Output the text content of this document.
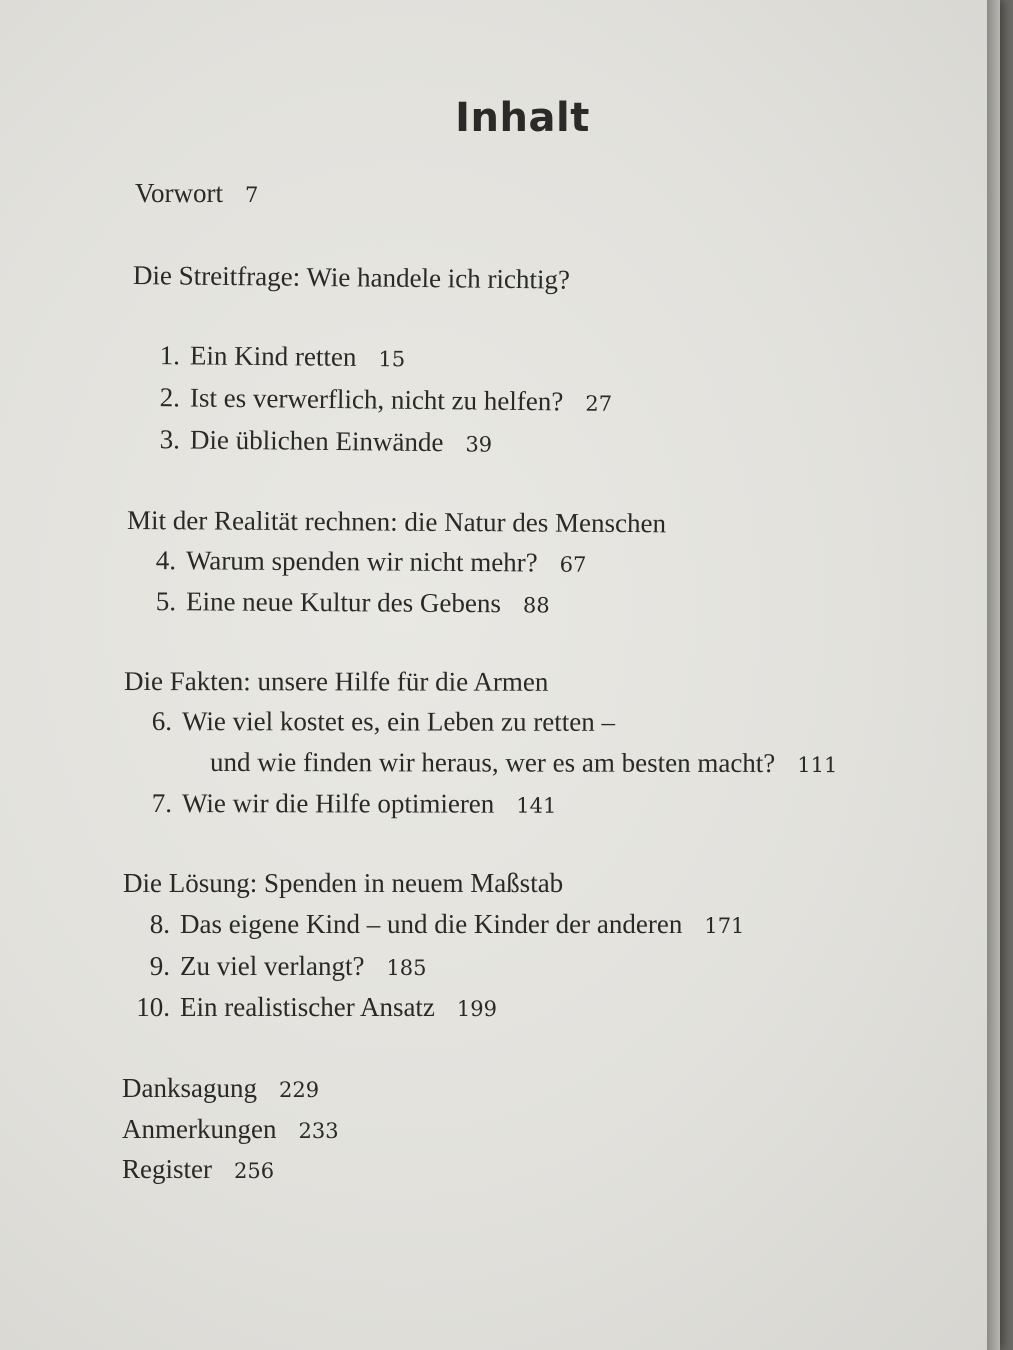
Inhalt
Vorwort 7
Die Streitfrage: Wie handele ich richtig?
1. Ein Kind retten 15
2. Ist es verwerflich, nicht zu helfen? 27
3. Die üblichen Einwände 39
Mit der Realität rechnen: die Natur des Menschen
4. Warum spenden wir nicht mehr? 67
5. Eine neue Kultur des Gebens 88
Die Fakten: unsere Hilfe für die Armen
6. Wie viel kostet es, ein Leben zu retten –
und wie finden wir heraus, wer es am besten macht? 111
7. Wie wir die Hilfe optimieren 141
Die Lösung: Spenden in neuem Maßstab
8. Das eigene Kind – und die Kinder der anderen 171
9. Zu viel verlangt? 185
10. Ein realistischer Ansatz 199
Danksagung 229
Anmerkungen 233
Register 256
